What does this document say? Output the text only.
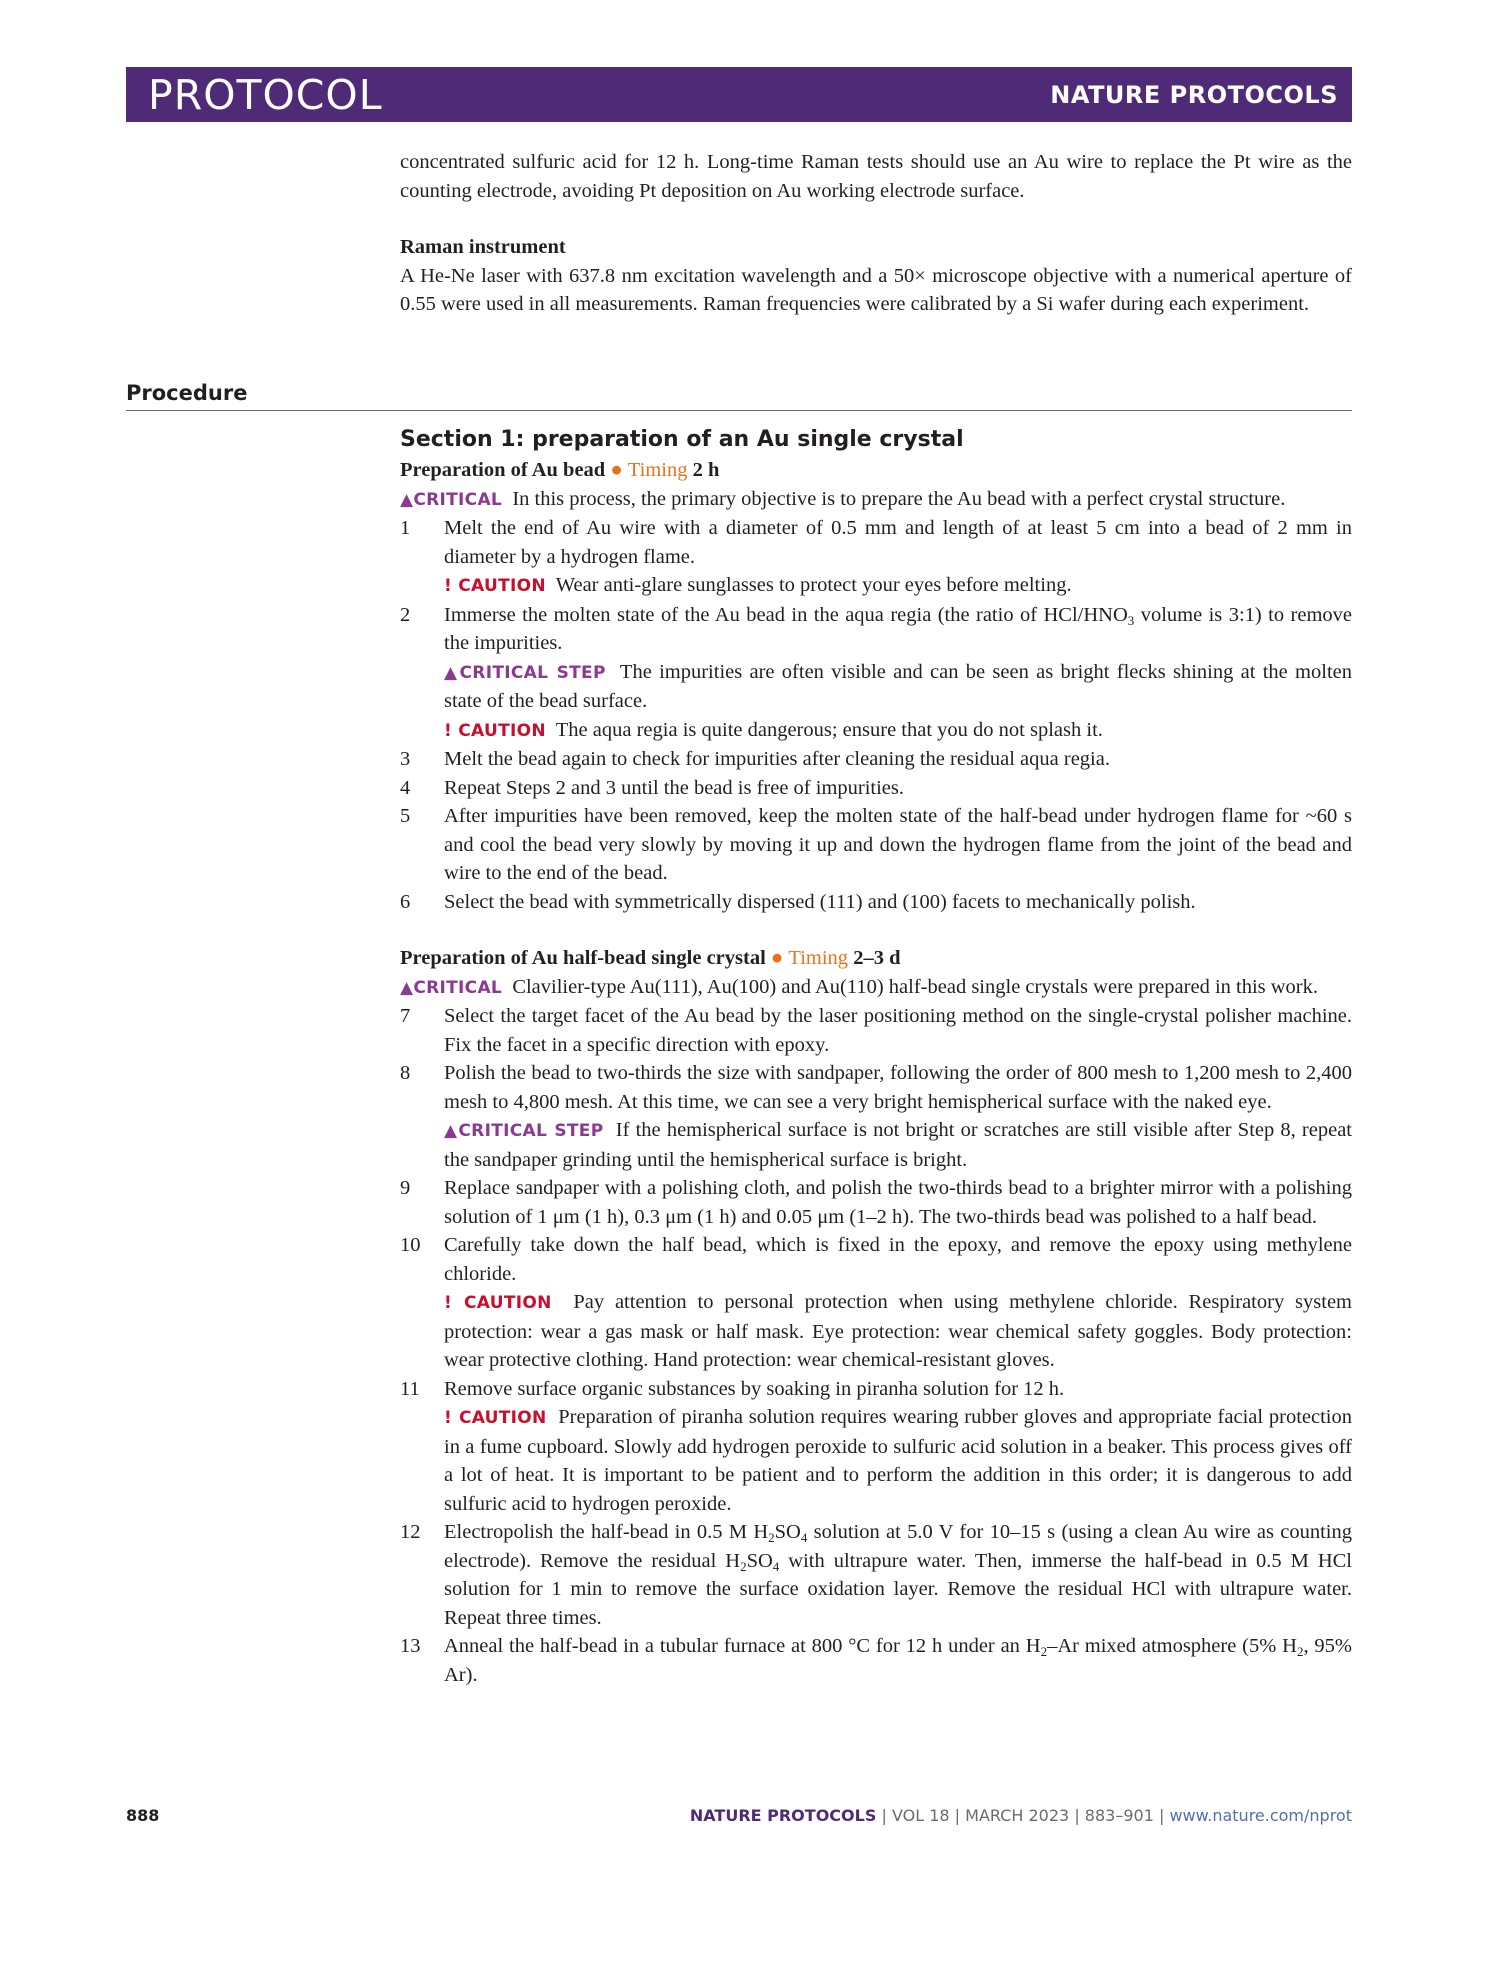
PROTOCOL	NATURE PROTOCOLS

concentrated sulfuric acid for 12 h. Long-time Raman tests should use an Au wire to replace the Pt wire as the counting electrode, avoiding Pt deposition on Au working electrode surface.

Raman instrument

A He-Ne laser with 637.8 nm excitation wavelength and a 50× microscope objective with a numerical aperture of 0.55 were used in all measurements. Raman frequencies were calibrated by a Si wafer during each experiment.

Procedure
Section 1: preparation of an Au single crystal
Preparation of Au bead ● Timing 2 h

▲CRITICAL In this process, the primary objective is to prepare the Au bead with a perfect crystal structure.

1	Melt the end of Au wire with a diameter of 0.5 mm and length of at least 5 cm into a bead of 2 mm in diameter by a hydrogen flame.

! CAUTION Wear anti-glare sunglasses to protect your eyes before melting.

2	Immerse the molten state of the Au bead in the aqua regia (the ratio of HCl/$HNO_3$ volume is 3:1) to remove the impurities.

▲CRITICAL STEP The impurities are often visible and can be seen as bright flecks shining at the molten state of the bead surface.

! CAUTION The aqua regia is quite dangerous; ensure that you do not splash it.

3	Melt the bead again to check for impurities after cleaning the residual aqua regia.
4	Repeat Steps 2 and 3 until the bead is free of impurities.
5	After impurities have been removed, keep the molten state of the half-bead under hydrogen flame for ~60 s and cool the bead very slowly by moving it up and down the hydrogen flame from the joint of the bead and wire to the end of the bead.
6	Select the bead with symmetrically dispersed (111) and (100) facets to mechanically polish.
Preparation of Au half-bead single crystal ● Timing 2–3 d

▲CRITICAL Clavilier-type Au(111), Au(100) and Au(110) half-bead single crystals were prepared in this work.

7	Select the target facet of the Au bead by the laser positioning method on the single-crystal polisher machine. Fix the facet in a specific direction with epoxy.
8	Polish the bead to two-thirds the size with sandpaper, following the order of 800 mesh to 1,200 mesh to 2,400 mesh to 4,800 mesh. At this time, we can see a very bright hemispherical surface with the naked eye.

▲CRITICAL STEP If the hemispherical surface is not bright or scratches are still visible after Step 8, repeat the sandpaper grinding until the hemispherical surface is bright.

9	Replace sandpaper with a polishing cloth, and polish the two-thirds bead to a brighter mirror with a polishing solution of 1 μm (1 h), 0.3 μm (1 h) and 0.05 μm (1–2 h). The two-thirds bead was polished to a half bead.
10	Carefully take down the half bead, which is fixed in the epoxy, and remove the epoxy using methylene chloride.

! CAUTION Pay attention to personal protection when using methylene chloride. Respiratory system protection: wear a gas mask or half mask. Eye protection: wear chemical safety goggles. Body protection: wear protective clothing. Hand protection: wear chemical-resistant gloves.

11	Remove surface organic substances by soaking in piranha solution for 12 h.

! CAUTION Preparation of piranha solution requires wearing rubber gloves and appropriate facial protection in a fume cupboard. Slowly add hydrogen peroxide to sulfuric acid solution in a beaker. This process gives off a lot of heat. It is important to be patient and to perform the addition in this order; it is dangerous to add sulfuric acid to hydrogen peroxide.

12	Electropolish the half-bead in 0.5 M $H_2SO_4$ solution at 5.0 V for 10–15 s (using a clean Au wire as counting electrode). Remove the residual $H_2SO_4$ with ultrapure water. Then, immerse the half-bead in 0.5 M HCl solution for 1 min to remove the surface oxidation layer. Remove the residual HCl with ultrapure water. Repeat three times.
13	Anneal the half-bead in a tubular furnace at 800 °C for 12 h under an $H_2-Ar$ mixed atmosphere (5% $H_2$, 95% Ar).
888	NATURE PROTOCOLS | VOL 18 | MARCH 2023 | 883–901 | www.nature.com/nprot
